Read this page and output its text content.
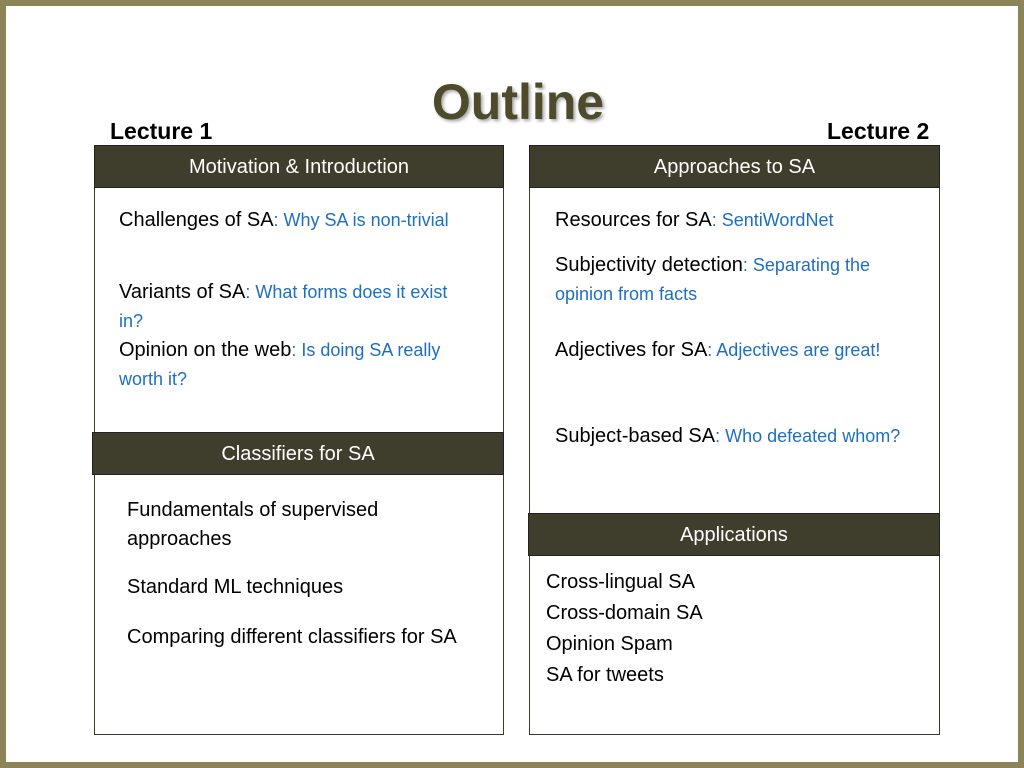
Outline
Lecture 1	Lecture 2
Motivation & Introduction
Challenges of SA: Why SA is non-trivial
Variants of SA: What forms does it exist in?
Opinion on the web: Is doing SA really worth it?
Classifiers for SA
Fundamentals of supervised approaches
Standard ML techniques
Comparing different classifiers for SA
Approaches to SA
Resources for SA: SentiWordNet
Subjectivity detection: Separating the opinion from facts
Adjectives for SA: Adjectives are great!
Subject-based SA: Who defeated whom?
Applications
Cross-lingual SA
Cross-domain SA
Opinion Spam
SA for tweets
